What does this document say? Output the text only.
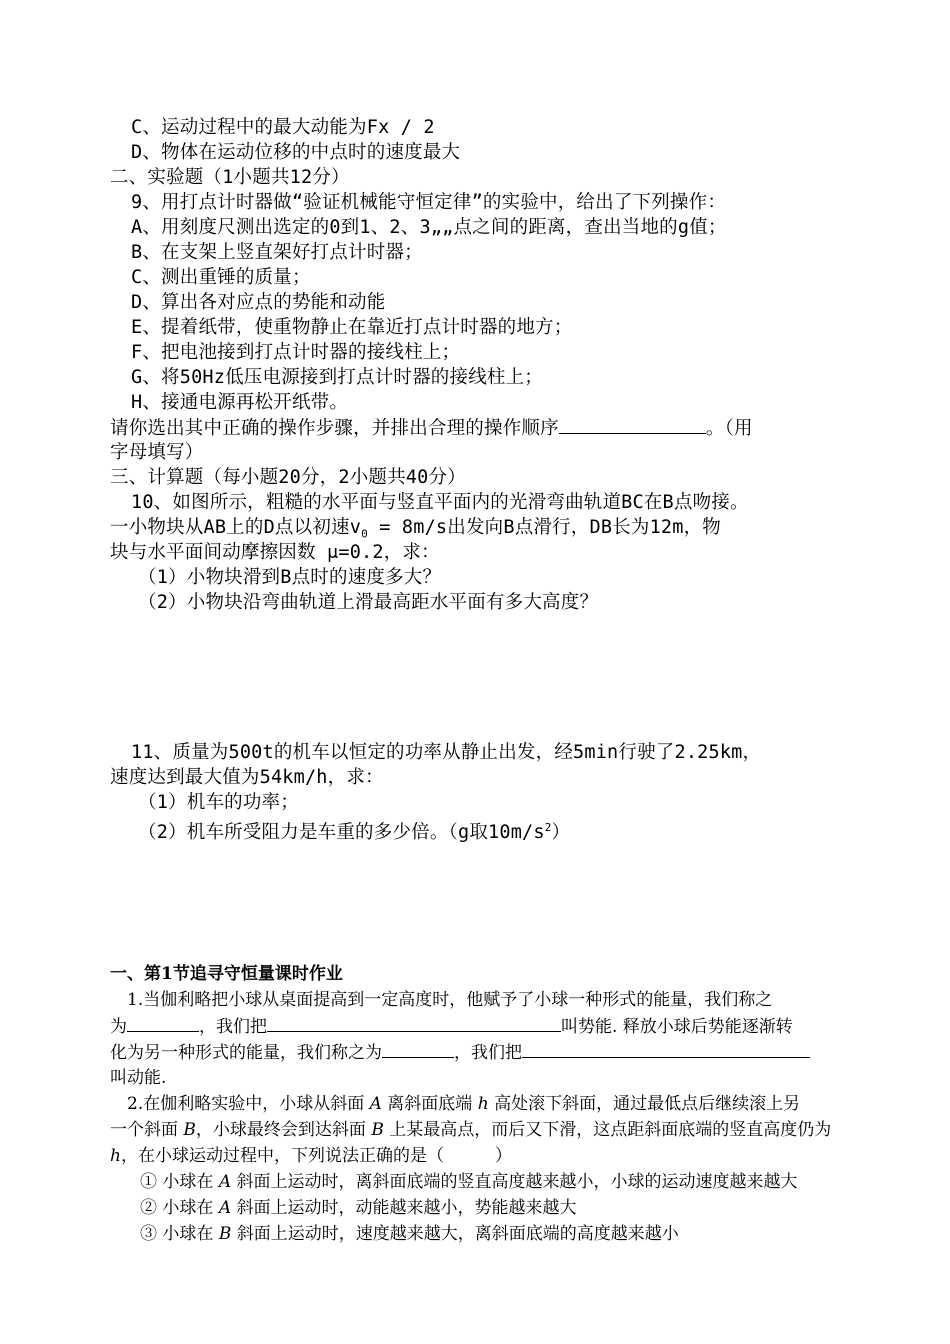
C、运动过程中的最大动能为Fx / 2
D、物体在运动位移的中点时的速度最大
二、实验题（1小题共12分）
9、用打点计时器做“验证机械能守恒定律”的实验中，给出了下列操作：
A、用刻度尺测出选定的0到1、2、3„„点之间的距离，查出当地的g值；
B、在支架上竖直架好打点计时器；
C、测出重锤的质量；
D、算出各对应点的势能和动能
E、提着纸带，使重物静止在靠近打点计时器的地方；
F、把电池接到打点计时器的接线柱上；
G、将50Hz低压电源接到打点计时器的接线柱上；
H、接通电源再松开纸带。
请你选出其中正确的操作步骤，并排出合理的操作顺序	。（用
字母填写）
三、计算题（每小题20分，2小题共40分）
10、如图所示，粗糙的水平面与竖直平面内的光滑弯曲轨道BC在B点吻接。
一小物块从AB上的D点以初速$v_0 = 8m/s$出发向B点滑行，DB长为12m，物
块与水平面间动摩擦因数 μ=0.2，求：
（1）小物块滑到B点时的速度多大？
（2）小物块沿弯曲轨道上滑最高距水平面有多大高度？
11、质量为500t的机车以恒定的功率从静止出发，经5min行驶了2.25km，
速度达到最大值为54km/h，求：
（1）机车的功率；
（2）机车所受阻力是车重的多少倍。（g取$10m/s^2$）
一、第1节追寻守恒量课时作业
1.当伽利略把小球从桌面提高到一定高度时，他赋予了小球一种形式的能量，我们称之
为	，我们把	叫势能. 释放小球后势能逐渐转
化为另一种形式的能量，我们称之为	，我们把
叫动能.
2.在伽利略实验中，小球从斜面 A 离斜面底端 h 高处滚下斜面，通过最低点后继续滚上另
一个斜面 B，小球最终会到达斜面 B 上某最高点，而后又下滑，这点距斜面底端的竖直高度仍为
h，在小球运动过程中，下列说法正确的是（　　　）
① 小球在 A 斜面上运动时，离斜面底端的竖直高度越来越小，小球的运动速度越来越大
② 小球在 A 斜面上运动时，动能越来越小，势能越来越大
③ 小球在 B 斜面上运动时，速度越来越大，离斜面底端的高度越来越小
